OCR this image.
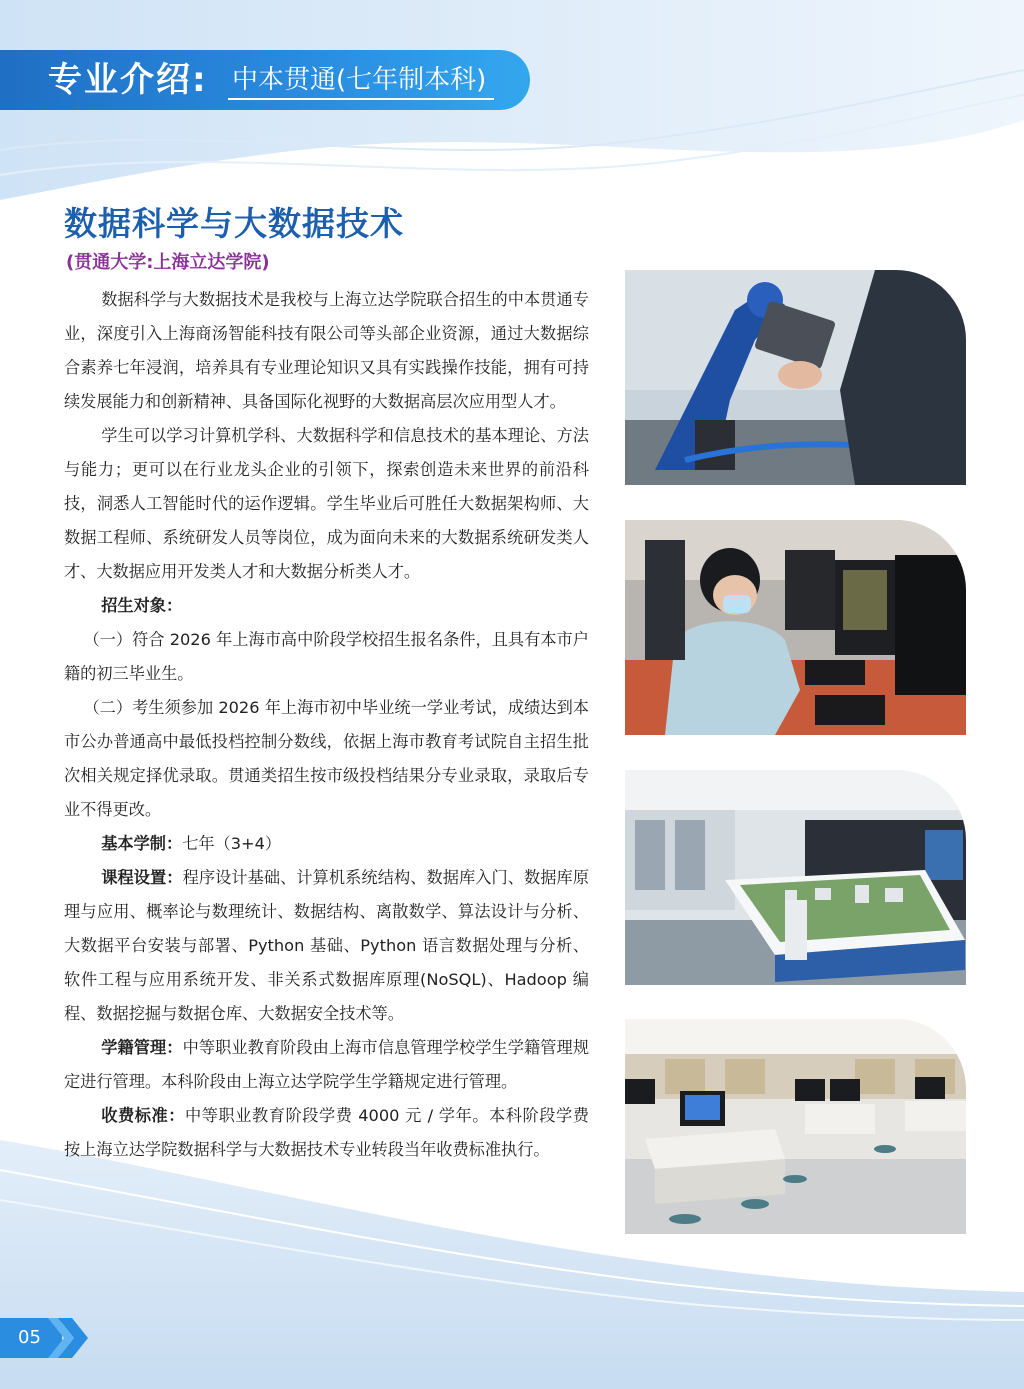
专业介绍: 中本贯通(七年制本科)
数据科学与大数据技术
(贯通大学:上海立达学院)

数据科学与大数据技术是我校与上海立达学院联合招生的中本贯通专业，深度引入上海商汤智能科技有限公司等头部企业资源，通过大数据综合素养七年浸润，培养具有专业理论知识又具有实践操作技能，拥有可持续发展能力和创新精神、具备国际化视野的大数据高层次应用型人才。

学生可以学习计算机学科、大数据科学和信息技术的基本理论、方法与能力；更可以在行业龙头企业的引领下，探索创造未来世界的前沿科技，洞悉人工智能时代的运作逻辑。学生毕业后可胜任大数据架构师、大数据工程师、系统研发人员等岗位，成为面向未来的大数据系统研发类人才、大数据应用开发类人才和大数据分析类人才。

招生对象：

（一）符合 2026 年上海市高中阶段学校招生报名条件，且具有本市户籍的初三毕业生。

（二）考生须参加 2026 年上海市初中毕业统一学业考试，成绩达到本市公办普通高中最低投档控制分数线，依据上海市教育考试院自主招生批次相关规定择优录取。贯通类招生按市级投档结果分专业录取，录取后专业不得更改。

基本学制：七年（3+4）

课程设置：程序设计基础、计算机系统结构、数据库入门、数据库原理与应用、概率论与数理统计、数据结构、离散数学、算法设计与分析、大数据平台安装与部署、Python 基础、Python 语言数据处理与分析、软件工程与应用系统开发、非关系式数据库原理(NoSQL)、Hadoop 编程、数据挖掘与数据仓库、大数据安全技术等。

学籍管理：中等职业教育阶段由上海市信息管理学校学生学籍管理规定进行管理。本科阶段由上海立达学院学生学籍规定进行管理。

收费标准：中等职业教育阶段学费 4000 元 / 学年。本科阶段学费按上海立达学院数据科学与大数据技术专业转段当年收费标准执行。

05
